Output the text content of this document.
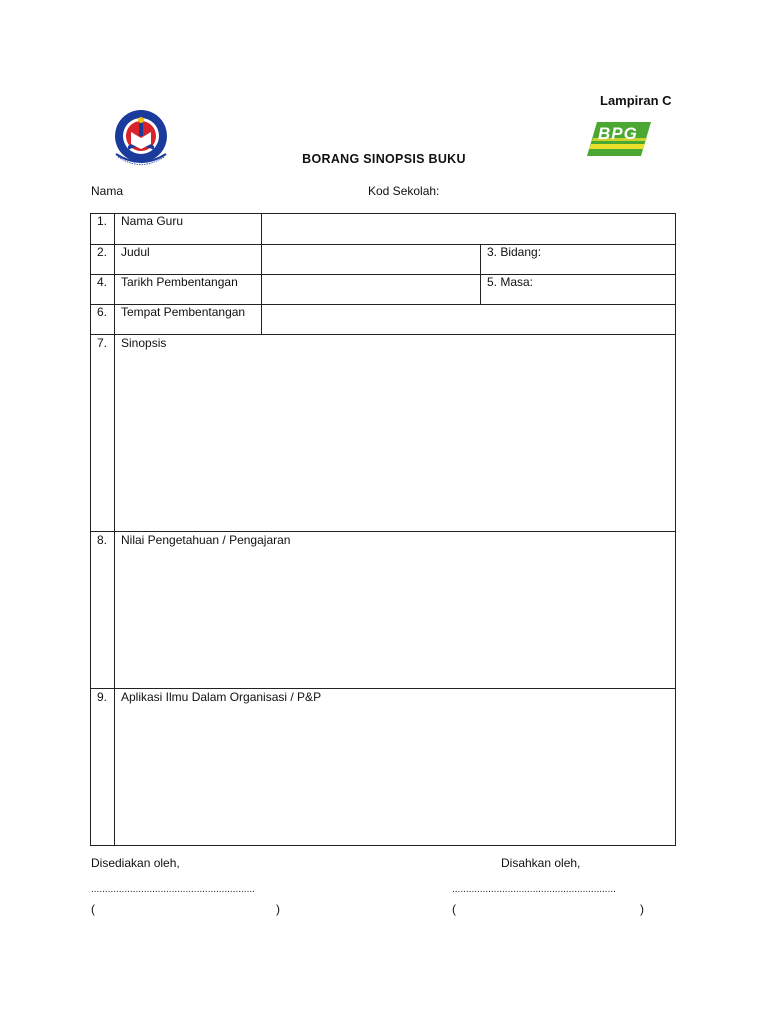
Lampiran C
BPG
BORANG SINOPSIS BUKU
Nama	Kod Sekolah:
1.	Nama Guru		
2.	Judul		3. Bidang:
4.	Tarikh Pembentangan		5. Masa:
6.	Tempat Pembentangan		
7.	Sinopsis		
8.	Nilai Pengetahuan / Pengajaran		
9.	Aplikasi Ilmu Dalam Organisasi / P&P		
Disediakan oleh,	Disahkan oleh,
...........................................................	...........................................................
(	)	(	)
